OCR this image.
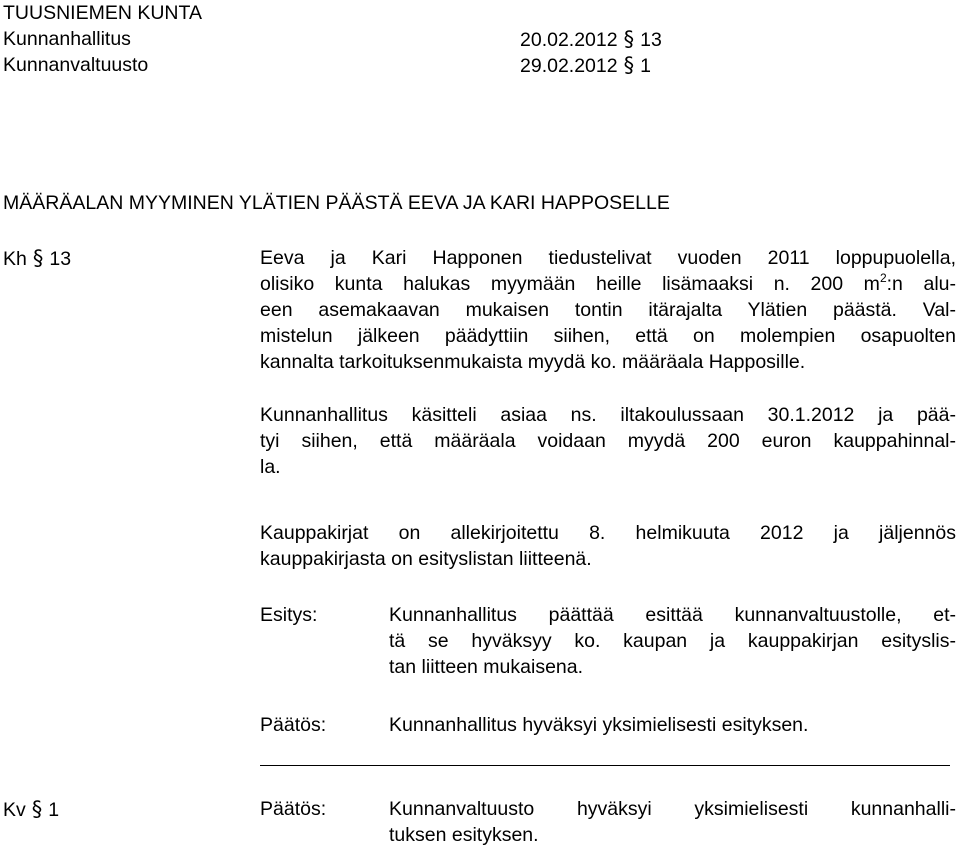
TUUSNIEMEN KUNTA
Kunnanhallitus	20.02.2012 § 13
Kunnanvaltuusto	29.02.2012 § 1
MÄÄRÄALAN MYYMINEN YLÄTIEN PÄÄSTÄ EEVA JA KARI HAPPOSELLE
Kh § 13	Eeva ja Kari Happonen tiedustelivat vuoden 2011 loppupuolella,
olisiko kunta halukas myymään heille lisämaaksi n. 200 $m^2:n$ alu-
een asemakaavan mukaisen tontin itärajalta Ylätien päästä. Val-
mistelun jälkeen päädyttiin siihen, että on molempien osapuolten
kannalta tarkoituksenmukaista myydä ko. määräala Happosille.
Kunnanhallitus käsitteli asiaa ns. iltakoulussaan 30.1.2012 ja pää-
tyi siihen, että määräala voidaan myydä 200 euron kauppahinnal-
la.
Kauppakirjat on allekirjoitettu 8. helmikuuta 2012 ja jäljennös
kauppakirjasta on esityslistan liitteenä.
Esitys:	Kunnanhallitus päättää esittää kunnanvaltuustolle, et-
tä se hyväksyy ko. kaupan ja kauppakirjan esityslis-
tan liitteen mukaisena.
Päätös:	Kunnanhallitus hyväksyi yksimielisesti esityksen.
Kv § 1	Päätös:	Kunnanvaltuusto hyväksyi yksimielisesti kunnanhalli-
tuksen esityksen.
